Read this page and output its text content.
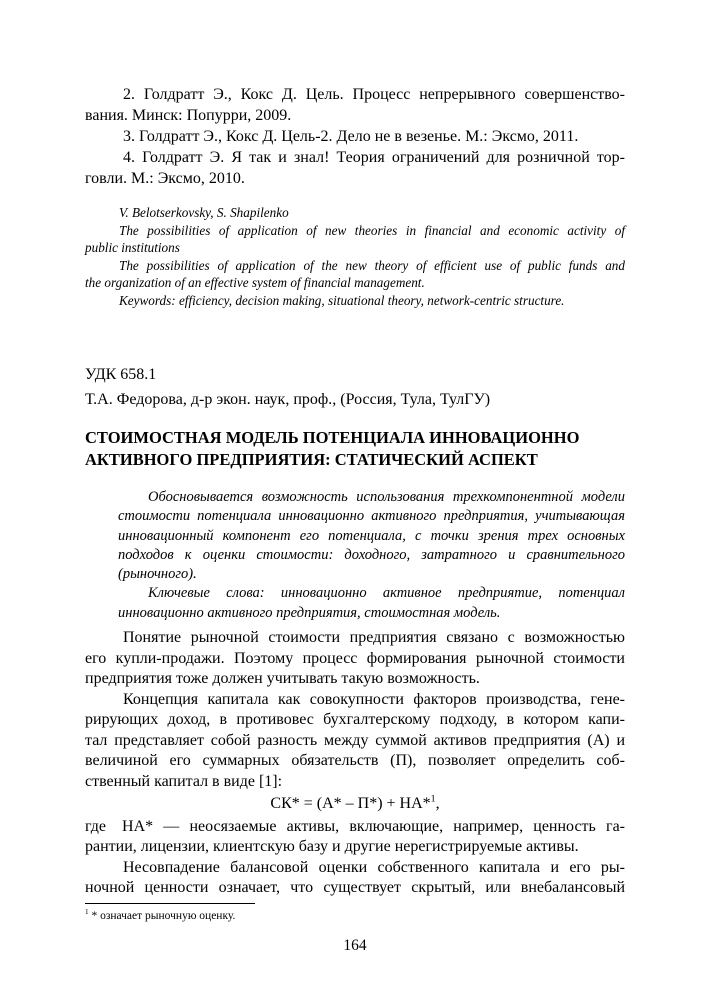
2. Голдратт Э., Кокс Д. Цель. Процесс непрерывного совершенство-
вания. Минск: Попурри, 2009.
3. Голдратт Э., Кокс Д. Цель-2. Дело не в везенье. М.: Эксмо, 2011.
4. Голдратт Э. Я так и знал! Теория ограничений для розничной тор-
говли. М.: Эксмо, 2010.
V. Belotserkovsky, S. Shapilenko
The possibilities of application of new theories in financial and economic activity of
public institutions
The possibilities of application of the new theory of efficient use of public funds and
the organization of an effective system of financial management.
Keywords: efficiency, decision making, situational theory, network-centric structure.
УДК 658.1
Т.А. Федорова, д-р экон. наук, проф., (Россия, Тула, ТулГУ)
СТОИМОСТНАЯ МОДЕЛЬ ПОТЕНЦИАЛА ИННОВАЦИОННО
АКТИВНОГО ПРЕДПРИЯТИЯ: СТАТИЧЕСКИЙ АСПЕКТ
Обосновывается возможность использования трехкомпонентной модели
стоимости потенциала инновационно активного предприятия, учитывающая
инновационный компонент его потенциала, с точки зрения трех основных
подходов к оценки стоимости: доходного, затратного и сравнительного
(рыночного).
Ключевые слова: инновационно активное предприятие, потенциал
инновационно активного предприятия, стоимостная модель.
Понятие рыночной стоимости предприятия связано с возможностью
его купли-продажи. Поэтому процесс формирования рыночной стоимости
предприятия тоже должен учитывать такую возможность.
Концепция капитала как совокупности факторов производства, гене-
рирующих доход, в противовес бухгалтерскому подходу, в котором капи-
тал представляет собой разность между суммой активов предприятия (А) и
величиной его суммарных обязательств (П), позволяет определить соб-
ственный капитал в виде [1]:
СК* = (А* – П*) + НА*$^1$,
где НА* — неосязаемые активы, включающие, например, ценность га-
рантии, лицензии, клиентскую базу и другие нерегистрируемые активы.
Несовпадение балансовой оценки собственного капитала и его ры-
ночной ценности означает, что существует скрытый, или внебалансовый
$^1$ * означает рыночную оценку.
164
